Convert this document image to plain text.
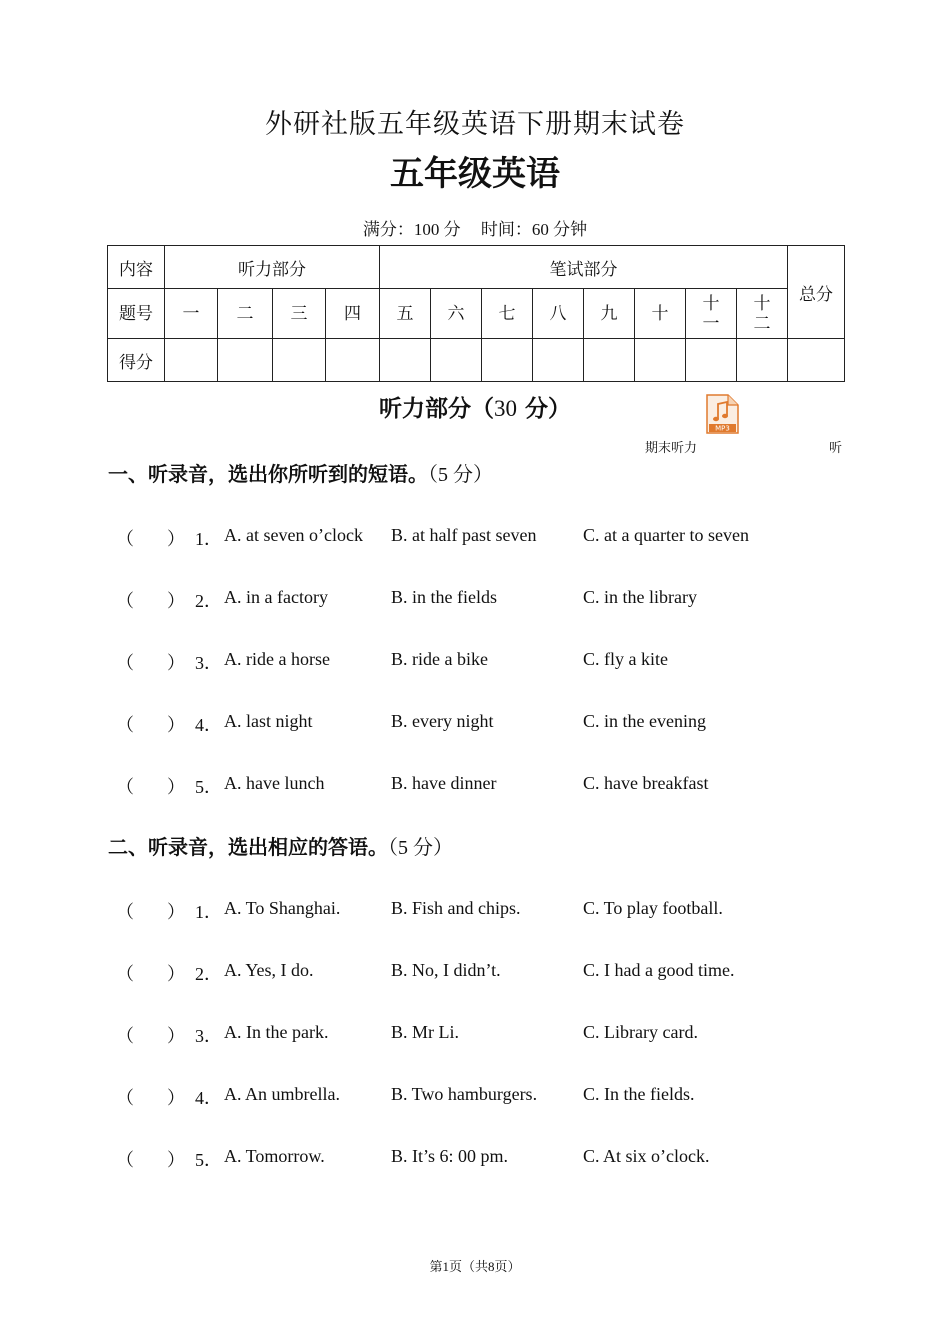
外研社版五年级英语下册期末试卷
五年级英语
满分：100 分 时间：60 分钟
内容	听力部分				笔试部分								总分
题号	一	二	三	四	五	六	七	八	九	十	十一	十二	

得分													
听力部分（30 分）
MP3
期末听力	听
一、听录音，选出你所听到的短语。（5 分）
（ ） 1． A. at seven o’clock B. at half past seven	C. at a quarter to seven
（ ） 2． A. in a factory	B. in the fields	C. in the library
（ ） 3． A. ride a horse	B. ride a bike	C. fly a kite
（ ） 4． A. last night	B. every night	C. in the evening
（ ） 5． A. have lunch	B. have dinner	C. have breakfast
二、听录音，选出相应的答语。（5 分）
（ ） 1． A. To Shanghai.	B. Fish and chips.	C. To play football.
（ ） 2． A. Yes, I do.	B. No, I didn’t.	C. I had a good time.
（ ） 3． A. In the park.	B. Mr Li.	C. Library card.
（ ） 4． A. An umbrella.	B. Two hamburgers.	C. In the fields.
（ ） 5． A. Tomorrow.	B. It’s 6: 00 pm.	C. At six o’clock.
第1页（共8页）
